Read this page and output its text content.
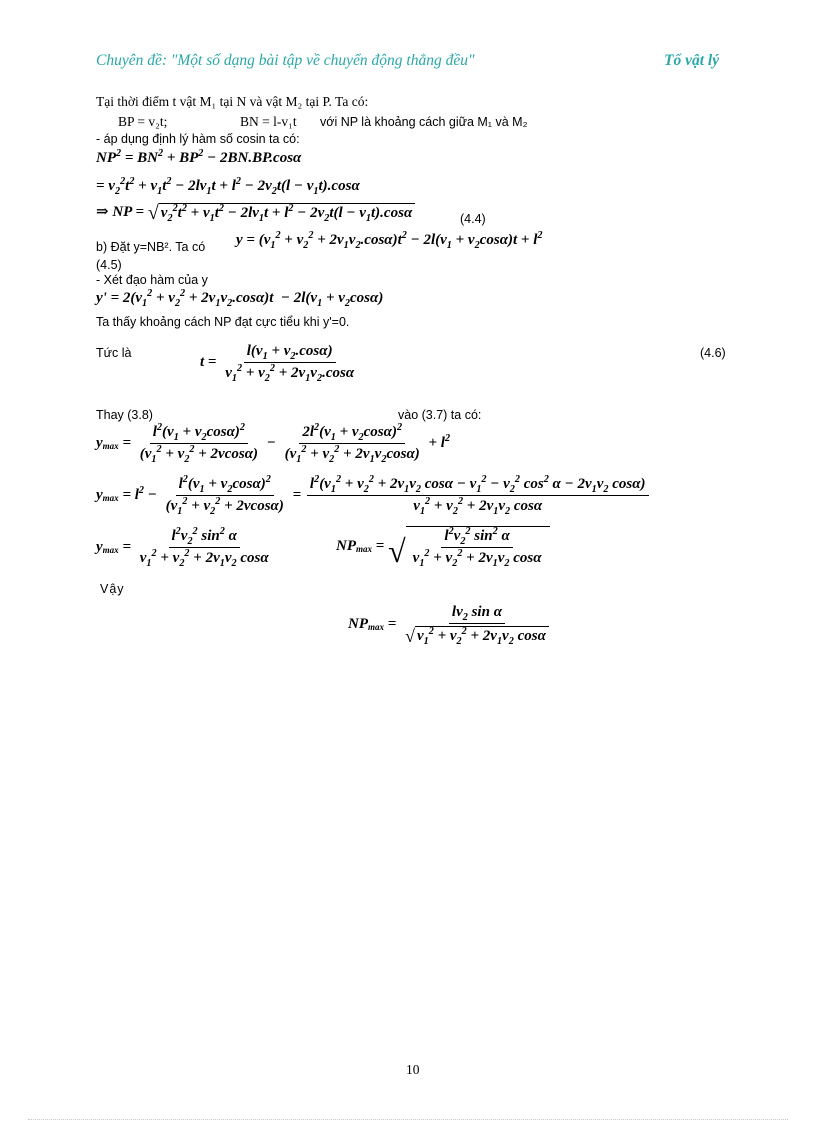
Chuyên đề: "Một số dạng bài tập về chuyển động thẳng đều"	Tổ vật lý
Tại thời điểm t vật M₁ tại N và vật M₂ tại P. Ta có:
BP = v₂t;	BN = l-v₁t với NP là khoảng cách giữa M₁ và M₂
- áp dụng định lý hàm số cosin ta có:
$NP^2 = BN^2 + BP^2 - 2BN.BP.\cos\alpha$
= $v_2^2t^2 + v_1t^2 - 2lv_1t + l^2 - 2v_2t(l - v_1t).\cos\alpha$
⇒ NP = √ $v_2^2t^2 + v_1t^2 - 2lv_1t + l^2 - 2v_2t(l - v_1t).\cos\alpha$	(4.4)
b) Đặt y=NB². Ta có $y = (v_1^2 + v_2^2 + 2v_1v_2.\cos\alpha)t^2 - 2l(v_1 + v_2\cos\alpha)t + l^2$
(4.5)
- Xét đạo hàm của y
$y' = 2(v_1^2 + v_2^2 + 2v_1v_2.\cos\alpha)t - 2l(v_1 + v_2\cos\alpha)$
Ta thấy khoảng cách NP đạt cực tiểu khi y'=0.
Tức là
$t = \frac{l(v_1 + v_2.\cos\alpha)}{v_1^2 + v_2^2 + 2v_1v_2.\cos\alpha}$	(4.6)
Thay (3.8)	vào (3.7) ta có:
$ymax = \frac{l^2(v_1 + v_2\cos\alpha)^2}{(v_1^2 + v_2^2 + 2vcos\alpha)} - \frac{2l^2(v_1 + v_2\cos\alpha)^2}{(v_1^2 + v_2^2 + 2v_1v_2\cos\alpha)} + l^2$
$ymax = l^2 - \frac{l^2(v_1 + v_2\cos\alpha)^2}{(v_1^2 + v_2^2 + 2vcos\alpha)} = \frac{l^2(v_1^2 + v_2^2 + 2v_1v_2 \cos\alpha - v_1^2 - v_2^2 \cos^2 \alpha - 2v_1v_2 \cos\alpha)}{v_1^2 + v_2^2 + 2v_1v_2 \cos\alpha}$
$ymax = \frac{l^2v_2^2 \sin^2 \alpha}{v_1^2 + v_2^2 + 2v_1v_2 \cos\alpha}$	NPmax = √ $\frac{l^2v_2^2 \sin^2 \alpha}{v_1^2 + v_2^2 + 2v_1v_2 \cos\alpha}$
Vậy
$NPmax = \frac{lv_2 \sin \alpha}{√ v_1^2 + v_2^2 + 2v_1v_2 \cos\alpha}$
10
